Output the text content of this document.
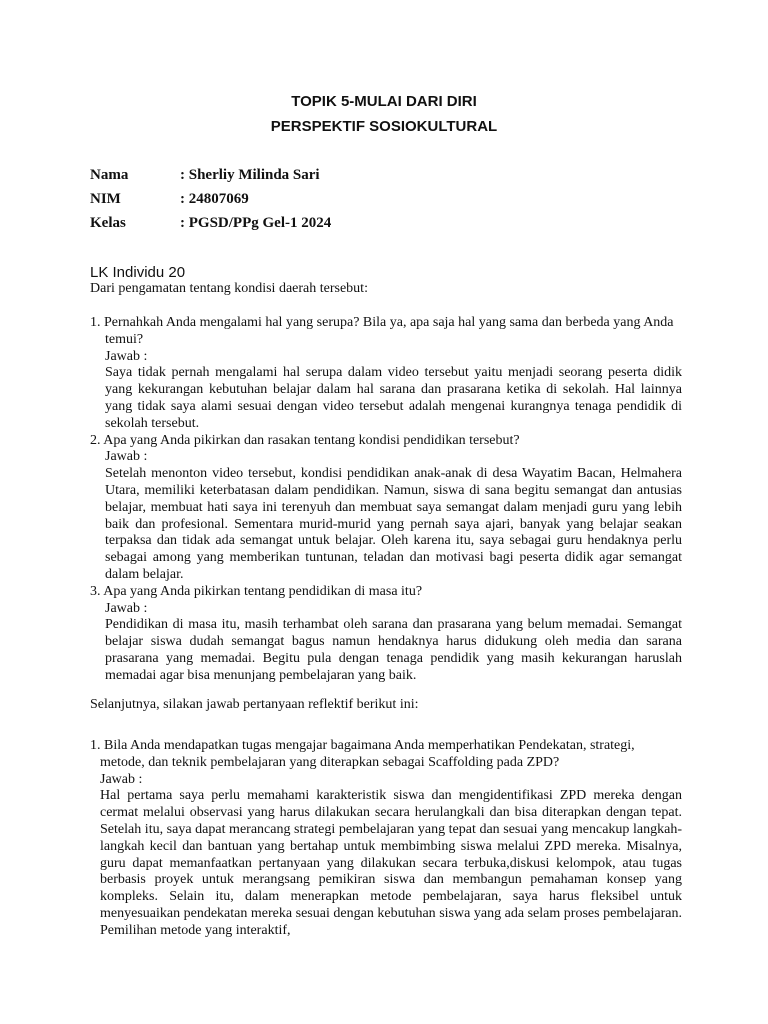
TOPIK 5-MULAI DARI DIRI
PERSPEKTIF SOSIOKULTURAL
Nama	: Sherliy Milinda Sari
NIM	: 24807069
Kelas	: PGSD/PPg Gel-1 2024
LK Individu 20

Dari pengamatan tentang kondisi daerah tersebut:

1. Pernahkah Anda mengalami hal yang serupa? Bila ya, apa saja hal yang sama dan berbeda yang Anda temui?

Jawab :

Saya tidak pernah mengalami hal serupa dalam video tersebut yaitu menjadi seorang peserta didik yang kekurangan kebutuhan belajar dalam hal sarana dan prasarana ketika di sekolah. Hal lainnya yang tidak saya alami sesuai dengan video tersebut adalah mengenai kurangnya tenaga pendidik di sekolah tersebut.

2. Apa yang Anda pikirkan dan rasakan tentang kondisi pendidikan tersebut?

Jawab :

Setelah menonton video tersebut, kondisi pendidikan anak-anak di desa Wayatim Bacan, Helmahera Utara, memiliki keterbatasan dalam pendidikan. Namun, siswa di sana begitu semangat dan antusias belajar, membuat hati saya ini terenyuh dan membuat saya semangat dalam menjadi guru yang lebih baik dan profesional. Sementara murid-murid yang pernah saya ajari, banyak yang belajar seakan terpaksa dan tidak ada semangat untuk belajar. Oleh karena itu, saya sebagai guru hendaknya perlu sebagai among yang memberikan tuntunan, teladan dan motivasi bagi peserta didik agar semangat dalam belajar.

3. Apa yang Anda pikirkan tentang pendidikan di masa itu?

Jawab :

Pendidikan di masa itu, masih terhambat oleh sarana dan prasarana yang belum memadai. Semangat belajar siswa dudah semangat bagus namun hendaknya harus didukung oleh media dan sarana prasarana yang memadai. Begitu pula dengan tenaga pendidik yang masih kekurangan haruslah memadai agar bisa menunjang pembelajaran yang baik.

Selanjutnya, silakan jawab pertanyaan reflektif berikut ini:

1. Bila Anda mendapatkan tugas mengajar bagaimana Anda memperhatikan Pendekatan, strategi, metode, dan teknik pembelajaran yang diterapkan sebagai Scaffolding pada ZPD?

Jawab :

Hal pertama saya perlu memahami karakteristik siswa dan mengidentifikasi ZPD mereka dengan cermat melalui observasi yang harus dilakukan secara herulangkali dan bisa diterapkan dengan tepat. Setelah itu, saya dapat merancang strategi pembelajaran yang tepat dan sesuai yang mencakup langkah-langkah kecil dan bantuan yang bertahap untuk membimbing siswa melalui ZPD mereka. Misalnya, guru dapat memanfaatkan pertanyaan yang dilakukan secara terbuka,diskusi kelompok, atau tugas berbasis proyek untuk merangsang pemikiran siswa dan membangun pemahaman konsep yang kompleks. Selain itu, dalam menerapkan metode pembelajaran, saya harus fleksibel untuk menyesuaikan pendekatan mereka sesuai dengan kebutuhan siswa yang ada selam proses pembelajaran. Pemilihan metode yang interaktif,
